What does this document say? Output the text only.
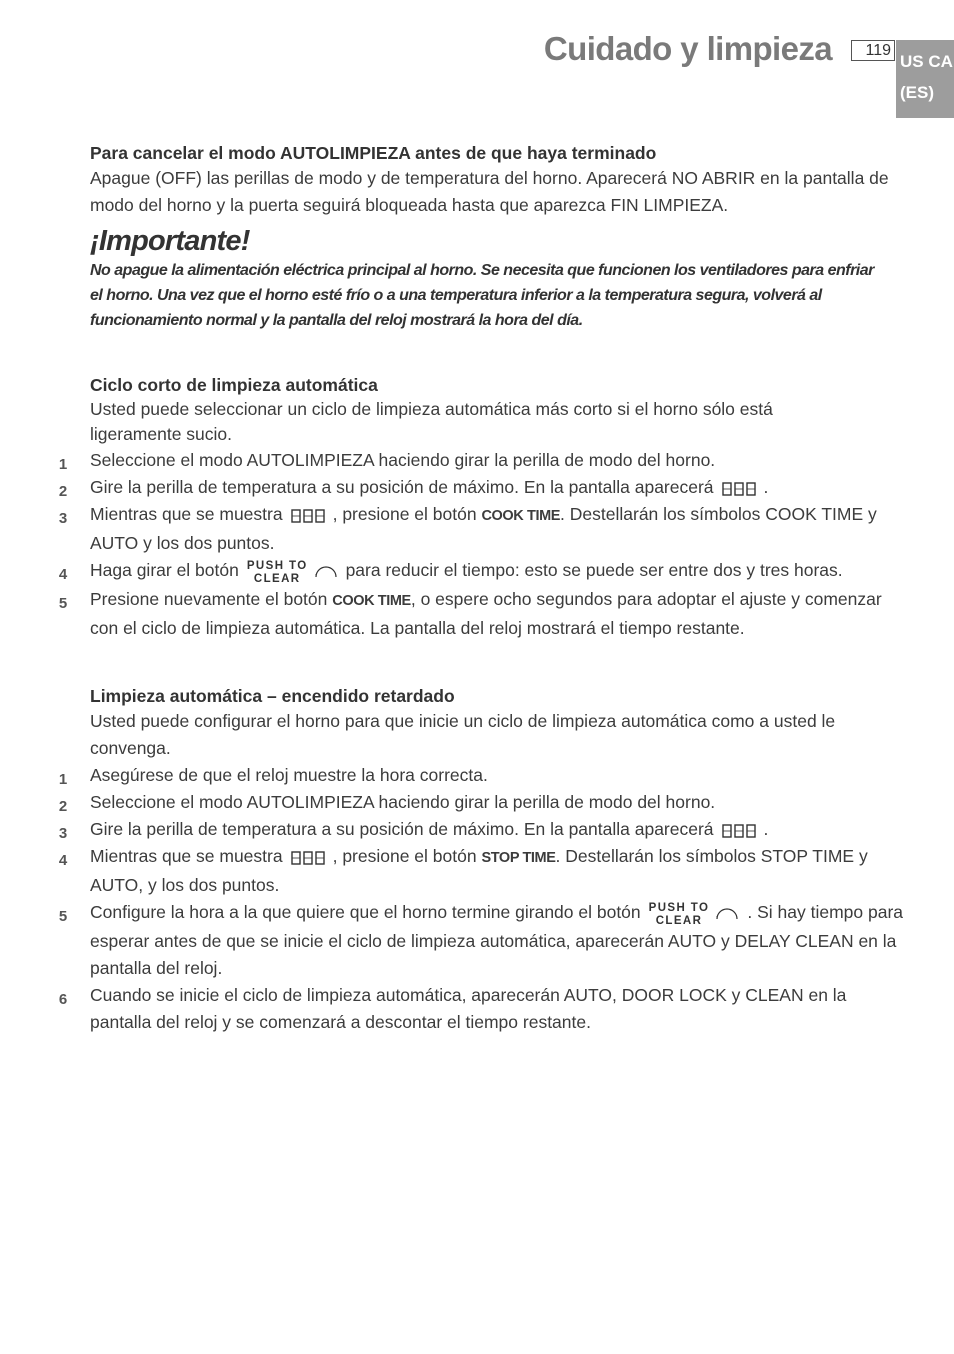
Cuidado y limpieza	119
US CA
(ES)
Para cancelar el modo AUTOLIMPIEZA antes de que haya terminado
Apague (OFF) las perillas de modo y de temperatura del horno. Aparecerá NO ABRIR en la pantalla de modo del horno y la puerta seguirá bloqueada hasta que aparezca FIN LIMPIEZA.
¡Importante!
No apague la alimentación eléctrica principal al horno. Se necesita que funcionen los ventiladores para enfriar el horno. Una vez que el horno esté frío o a una temperatura inferior a la temperatura segura, volverá al funcionamiento normal y la pantalla del reloj mostrará la hora del día.
Ciclo corto de limpieza automática
Usted puede seleccionar un ciclo de limpieza automática más corto si el horno sólo está ligeramente sucio.
1 Seleccione el modo AUTOLIMPIEZA haciendo girar la perilla de modo del horno.
2 Gire la perilla de temperatura a su posición de máximo. En la pantalla aparecerá	.
3 Mientras que se muestra	, presione el botón COOK TIME. Destellarán los símbolos COOK TIME y AUTO y los dos puntos.
4 Haga girar el botón PUSH TO
CLEAR	para reducir el tiempo: esto se puede ser entre dos y tres horas.
5 Presione nuevamente el botón COOK TIME, o espere ocho segundos para adoptar el ajuste y comenzar con el ciclo de limpieza automática. La pantalla del reloj mostrará el tiempo restante.
Limpieza automática – encendido retardado
Usted puede configurar el horno para que inicie un ciclo de limpieza automática como a usted le convenga.
1 Asegúrese de que el reloj muestre la hora correcta.
2 Seleccione el modo AUTOLIMPIEZA haciendo girar la perilla de modo del horno.
3 Gire la perilla de temperatura a su posición de máximo. En la pantalla aparecerá	.
4 Mientras que se muestra	, presione el botón STOP TIME. Destellarán los símbolos STOP TIME y AUTO, y los dos puntos.
5 Configure la hora a la que quiere que el horno termine girando el botón PUSH TO
CLEAR	. Si hay tiempo para esperar antes de que se inicie el ciclo de limpieza automática, aparecerán AUTO y DELAY CLEAN en la pantalla del reloj.
6 Cuando se inicie el ciclo de limpieza automática, aparecerán AUTO, DOOR LOCK y CLEAN en la pantalla del reloj y se comenzará a descontar el tiempo restante.
